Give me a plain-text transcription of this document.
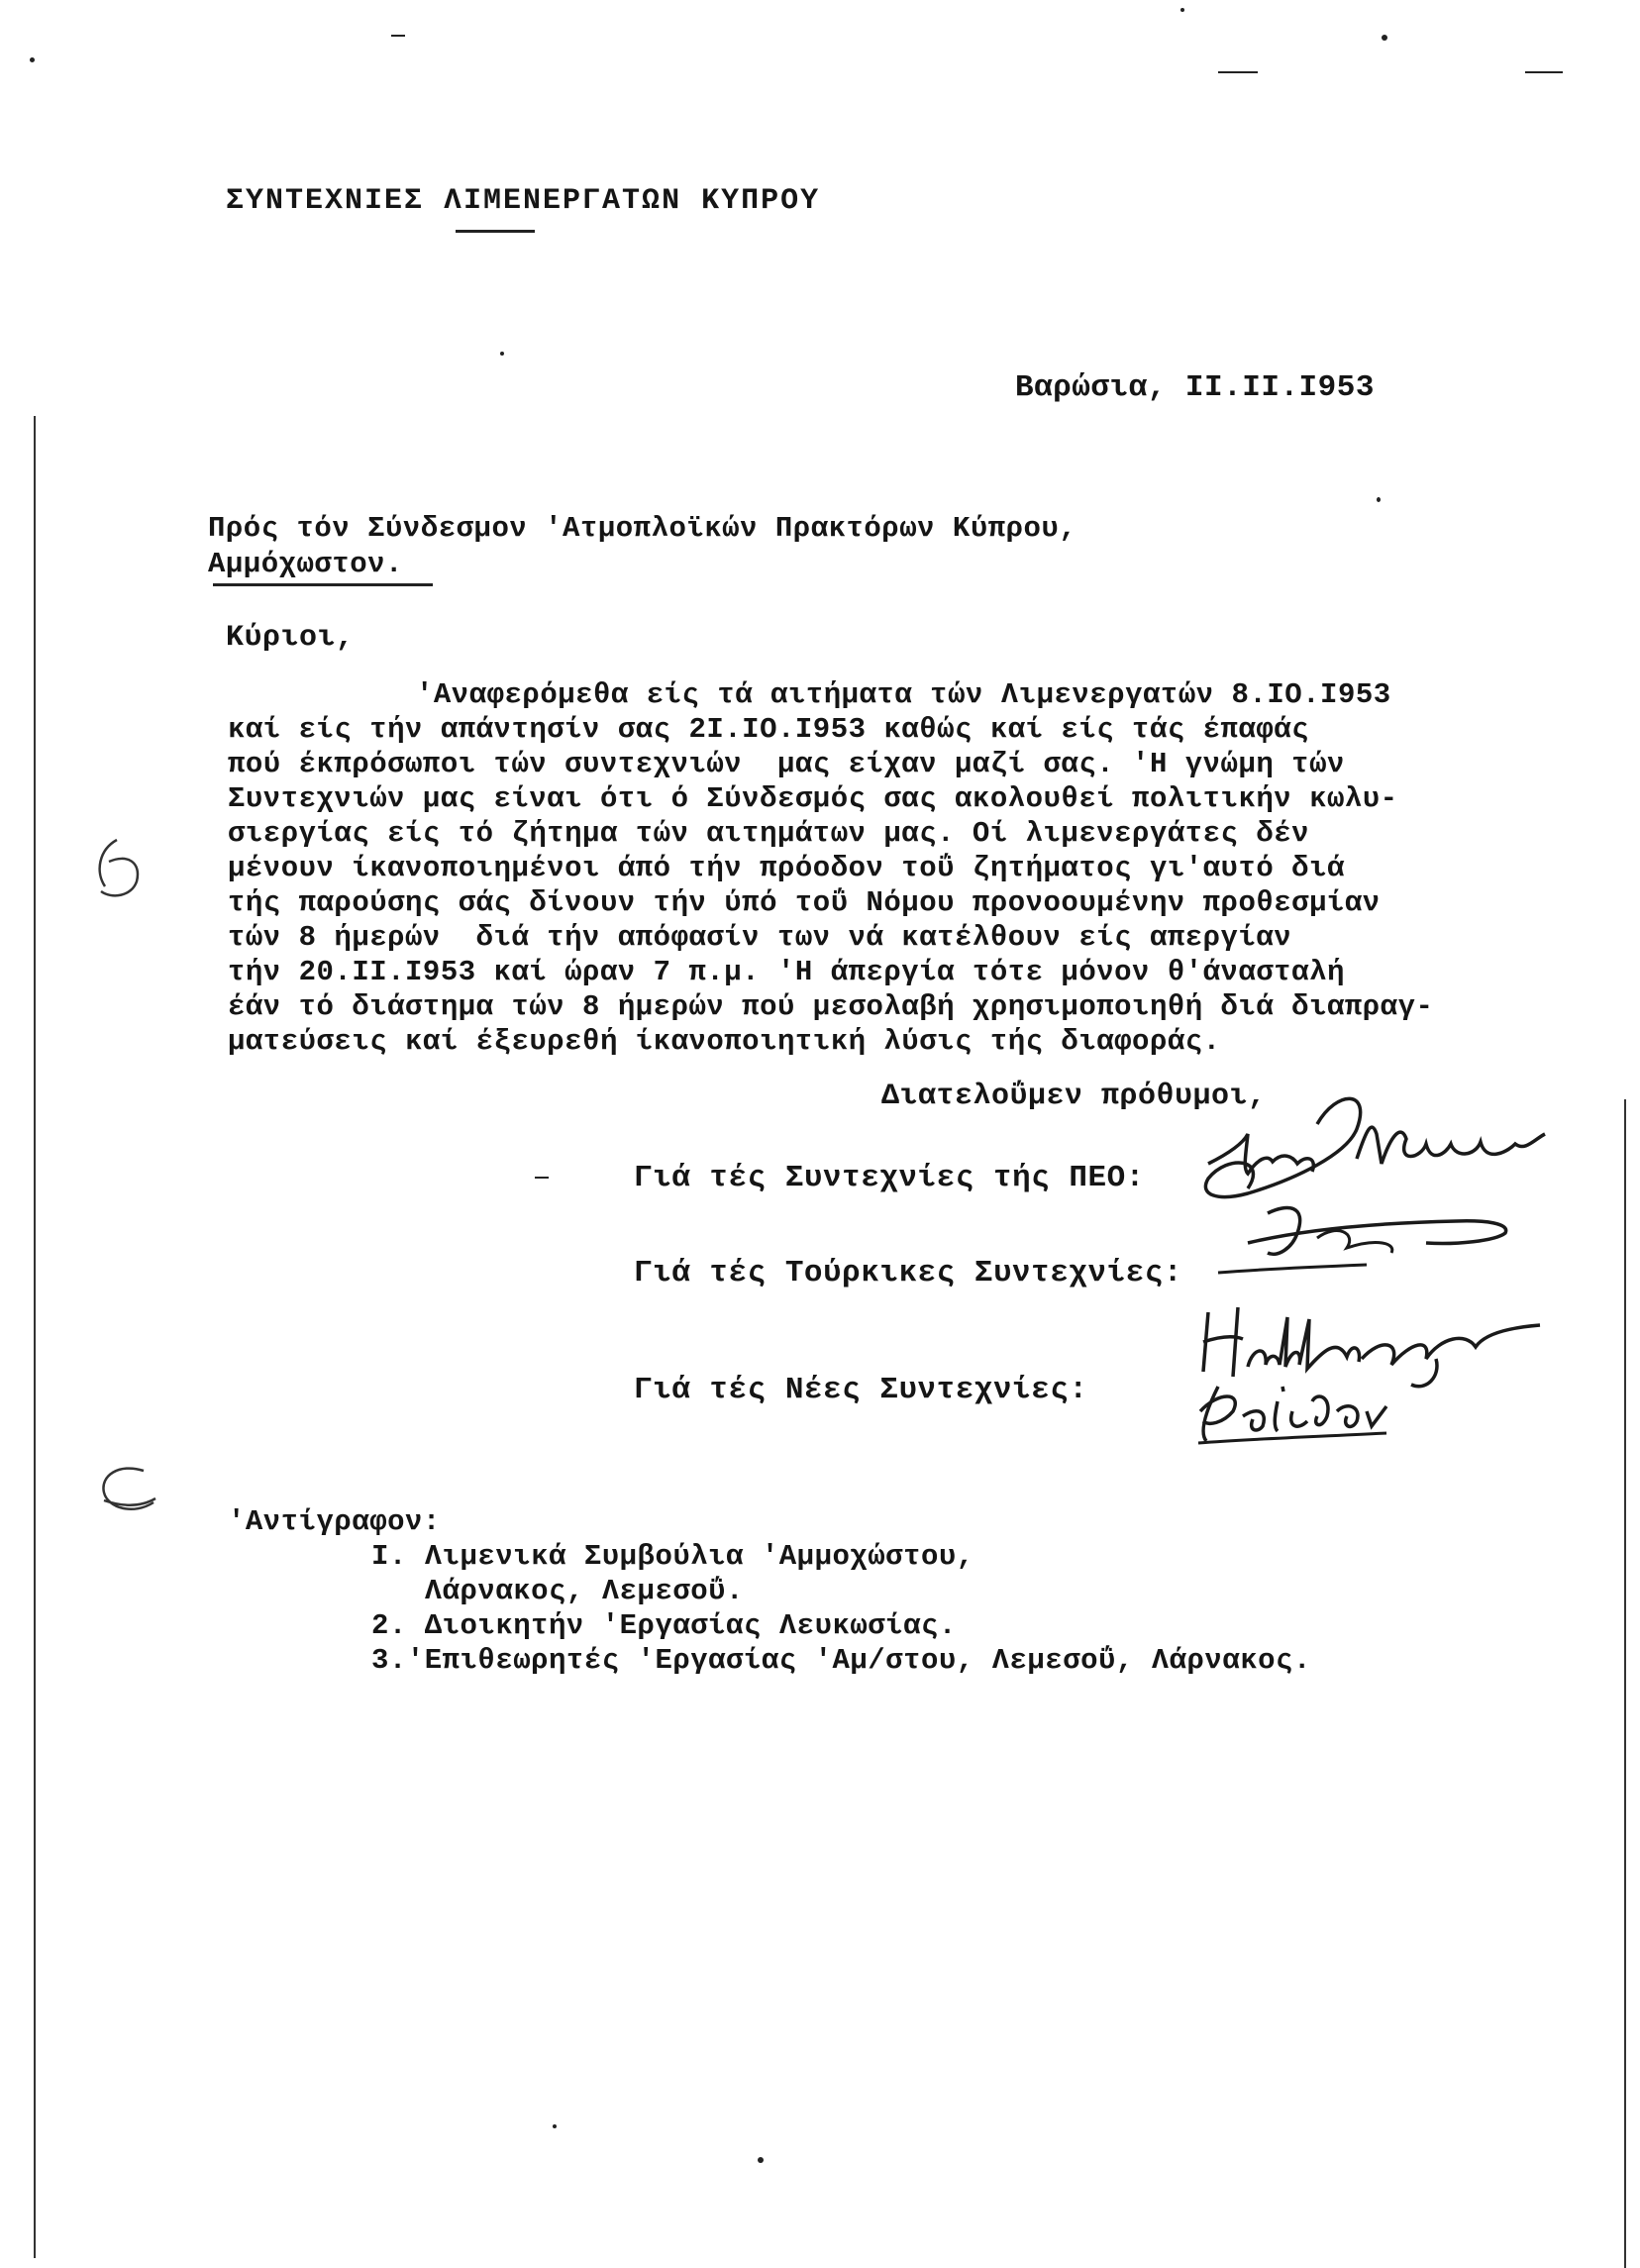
ΣΥΝΤΕΧΝΙΕΣ ΛΙΜΕΝΕΡΓΑΤΩΝ ΚΥΠΡΟΥ
Βαρώσια, ΙΙ.ΙΙ.Ι953
Πρός τόν Σύνδεσμον 'Ατμοπλοϊκών Πρακτόρων Κύπρου,
Αμμόχωστον.
Κύριοι,
'Αναφερόμεθα είς τά αιτήματα τών Λιμενεργατών 8.ΙΟ.Ι953
καί είς τήν απάντησίν σας 2Ι.ΙΟ.Ι953 καθώς καί είς τάς έπαφάς
πού έκπρόσωποι τών συντεχνιών  μας είχαν μαζί σας. 'Η γνώμη τών
Συντεχνιών μας είναι ότι ό Σύνδεσμός σας ακολουθεί πολιτικήν κωλυ-
σιεργίας είς τό ζήτημα τών αιτημάτων μας. Οί λιμενεργάτες δέν
μένουν ίκανοποιημένοι άπό τήν πρόοδον τοΰ ζητήματος γι'αυτό διά
τής παρούσης σάς δίνουν τήν ύπό τοΰ Νόμου προνοουμένην προθεσμίαν
τών 8 ήμερών  διά τήν απόφασίν των νά κατέλθουν είς απεργίαν
τήν 20.ΙΙ.Ι953 καί ώραν 7 π.μ. 'Η άπεργία τότε μόνον θ'άνασταλή
έάν τό διάστημα τών 8 ήμερών πού μεσολαβή χρησιμοποιηθή διά διαπραγ-
ματεύσεις καί έξευρεθή ίκανοποιητική λύσις τής διαφοράς.
Διατελοΰμεν πρόθυμοι,
Γιά τές Συντεχνίες τής ΠΕΟ:
Γιά τές Τούρκικες Συντεχνίες:
Γιά τές Νέες Συντεχνίες:
'Αντίγραφον:
Ι. Λιμενικά Συμβούλια 'Αμμοχώστου,
Λάρνακος, Λεμεσοΰ.
2. Διοικητήν 'Εργασίας Λευκωσίας.
3.'Επιθεωρητές 'Εργασίας 'Αμ/στου, Λεμεσοΰ, Λάρνακος.
